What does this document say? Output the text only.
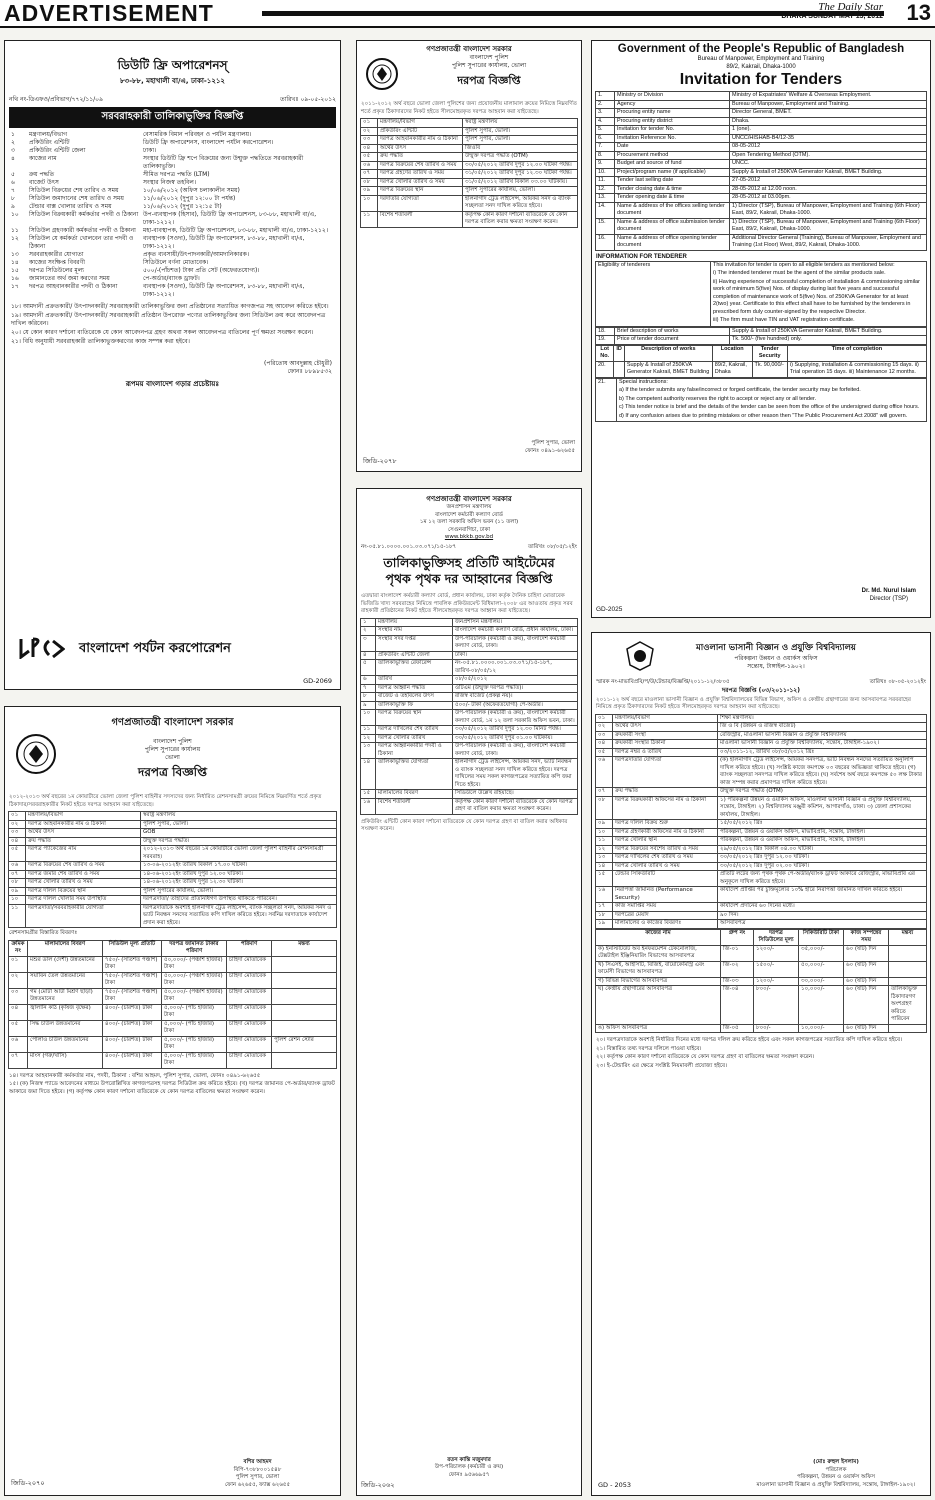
ADVERTISEMENT	The Daily Star
DHAKA SUNDAY MAY 13, 2012 13
ডিউটি ফ্রি অপারেশনস্
৮৩-৮৮, মহাখালী বা/এ, ঢাকা-১২১২
নথি নং-ডিএফও/প্রবিভাগ/৭৭২/১১/০৯	তারিখঃ ০৯-০৫-২০১২
সরবরাহকারী তালিকাভুক্তির বিজ্ঞপ্তি
১	মন্ত্রণালয়/বিভাগ	বেসামরিক বিমান পরিবহন ও পর্যটন মন্ত্রণালয়।
২	প্রকিউরিং এন্টিটি	ডিউটি ফ্রি অপারেশনস, বাংলাদেশ পর্যটন করপোরেশন।
৩	প্রকিউরিং এন্টিটি জেলা	ঢাকা।
৪	কাজের নাম	সংস্থার ডিউটি ফ্রি শপে বিক্রয়ের জন্য উন্মুক্ত পদ্ধতিতে সরবরাহকারী তালিকাভুক্তি।
৫	ক্রয় পদ্ধতি	সীমিত দরপত্র পদ্ধতি (LTM)
৬	বাজেট উৎস	সংস্থার নিজস্ব তহবিল।
৭	সিডিউল বিক্রয়ের শেষ তারিখ ও সময়	১০/০৬/২০১২ (অফিস চলাকালীন সময়)
৮	সিডিউল জমাদানের শেষ তারিখ ও সময়	১১/০৬/২০১২ (দুপুর ১২:০০ টা পর্যন্ত)
৯	টেন্ডার বাক্স খোলার তারিখ ও সময়	১১/০৬/২০১২ (দুপুর ১২:১৫ টা)
১০	সিডিউল বিক্রয়কারী কর্মকর্তার পদবী ও ঠিকানা	উপ-ব্যবস্থাপক (হিসাব), ডিউটি ফ্রি অপারেশনস, ৮৩-৮৮, মহাখালী বা/এ, ঢাকা-১২১২।
১১	সিডিউল গ্রহণকারী কর্মকর্তার পদবী ও ঠিকানা	মহা-ব্যবস্থাপক, ডিউটি ফ্রি অপারেশনস, ৮৩-৮৮, মহাখালী বা/এ, ঢাকা-১২১২।
১২	সিডিউল যে কর্মকর্তা খোলবেন তার পদবী ও ঠিকানা	ব্যবস্থাপক (সওদা), ডিউটি ফ্রি অপারেশনস, ৮৩-৮৮, মহাখালী বা/এ, ঢাকা-১২১২।
১৩	সরবরাহকারীর যোগ্যতা	প্রকৃত ব্যবসায়ী/উৎপাদনকারী/আমদানিকারক।
১৪	কাজের সংক্ষিপ্ত বিবরণী	সিডিউলে বর্ণনা মোতাবেক।
১৫	দরপত্র সিডিউলের মূল্য	৫০০/-(পাঁচশত) টাকা প্রতি সেট (অফেরতযোগ্য)।
১৬	জামানতের অর্থ জমা করণের সময়	পে-অর্ডার/ব্যাংক ড্রাফট।
১৭	দরপত্র আহবানকারীর পদবী ও ঠিকানা	ব্যবস্থাপক (সওদা), ডিউটি ফ্রি অপারেশনস, ৮৩-৮৮, মহাখালী বা/এ, ঢাকা-১২১২।
১৮। আমদানী প্রক্রতকারী/ উৎপাদনকারী/ সরবরাহকারী তালিকাভুক্তির জন্য প্রতিষ্ঠানের সত্যায়িত কাগজপত্র সহ আবেদন করিতে হইবে।
১৯। আমদানী প্রক্রতকারী/ উৎপাদনকারী/ সরবরাহকারী প্রতিষ্ঠান উপরোক্ত পণ্যের তালিকাভুক্তির জন্য সিডিউল ক্রয় করে আবেদনপত্র দাখিল করিবেন।
২০। যে কোন কারণ দর্শানো ব্যতিরেকে যে কোন আবেদনপত্র গ্রহণ অথবা সকল আবেদনপত্র বাতিলের পূর্ণ ক্ষমতা সংরক্ষণ করেন।
২১। বিধি অনুযায়ী সরবরাহকারী তালিকাভুক্তকরণের কাজ সম্পন্ন করা হইবে।
(পরিতোষ আবদুল্লাহ চৌধুরী)
ফোনঃ ৮৮৯৮৫৩২
রূপময় বাংলাদেশ গড়ার প্রচেষ্টায়ঃ
বাংলাদেশ পর্যটন করপোরেশন
GD-2069
গণপ্রজাতন্ত্রী বাংলাদেশ সরকার
বাংলাদেশ পুলিশ
পুলিশ সুপারের কার্যালয়, ভোলা
দরপত্র বিজ্ঞপ্তি
২০১১-২০১২ অর্থ বছরে ভোলা জেলা পুলিশের জন্য প্রয়োজনীয় মালামাল ক্রয়ের নিমিত্তে নিম্নবর্ণিত শর্তে প্রকৃত ঠিকাদারদের নিকট হইতে সীলমোহরকৃত দরপত্র আহবান করা যাইতেছে।
০১	মন্ত্রণালয়/বিভাগ	স্বরাষ্ট্র মন্ত্রণালয়
০২	প্রকিউরিং এন্টিটি	পুলিশ সুপার, ভোলা।
০৩	দরপত্র আহবানকারীর নাম ও ঠিকানা	পুলিশ সুপার, ভোলা।
০৪	অর্থের উৎস	জিওবি
০৫	ক্রয় পদ্ধতি	উন্মুক্ত দরপত্র পদ্ধতি (OTM)
০৬	দরপত্র বিক্রয়ের শেষ তারিখ ও সময়	৩০/০৫/২০১২ তারিখ দুপুর ১২.০০ ঘটিকা পর্যন্ত।
০৭	দরপত্র গ্রহণের তারিখ ও সময়	৩১/০৫/২০১২ তারিখ দুপুর ১২.৩০ ঘটিকা পর্যন্ত।
০৮	দরপত্র খোলার তারিখ ও সময়	৩১/০৫/২০১২ তারিখ বিকাল ০৩.০০ ঘটিকায়।
০৯	দরপত্র বিক্রয়ের স্থান	পুলিশ সুপারের কার্যালয়, ভোলা।
১০	দরদাতার যোগ্যতা	হালনাগাদ ট্রেড লাইসেন্স, আয়কর সনদ ও ব্যাংক সচ্ছলতা সনদ দাখিল করিতে হইবে।
১১	বিশেষ শর্তাবলী	কর্তৃপক্ষ কোন কারণ দর্শানো ব্যতিরেকে যে কোন দরপত্র বাতিল করার ক্ষমতা সংরক্ষণ করেন।
পুলিশ সুপার, ভোলা
ফোনঃ ০৪৯১-৬২৬৫৫
জিডি-২০৭৮
Government of the People's Republic of Bangladesh
Bureau of Manpower, Employment and Training
89/2, Kakrail, Dhaka-1000
Invitation for Tenders
1.	Ministry or Division	Ministry of Expatriates' Welfare & Overseas Employment.
2.	Agency	Bureau of Manpower, Employment and Training.
3.	Procuring entity name	Director General, BMET.
4.	Procuring entity district	Dhaka.
5.	Invitation for tender No.	1 (one).
6.	Invitation Reference No.	UNCC/HISHAB-B4/12-35
7.	Date	08-05-2012
8.	Procurement method	Open Tendering Method (OTM).
9.	Budget and source of fund	UNCC.
10.	Project/program name (if applicable)	Supply & Install of 250KVA Generator Kakrail, BMET Building.
11.	Tender last selling date	27-05-2012
12.	Tender closing date & time	28-05-2012 at 12.00 noon.
13.	Tender opening date & time	28-05-2012 at 03.00pm.
14.	Name & address of the offices selling tender document	1) Director (TSP), Bureau of Manpower, Employment and Training (6th Floor) East, 89/2, Kakrail, Dhaka-1000.
15.	Name & address of office submission tender document	1) Director (TSP), Bureau of Manpower, Employment and Training (6th Floor) East, 89/2, Kakrail, Dhaka-1000.
16.	Name & address of office opening tender document	Additional Director General (Training), Bureau of Manpower, Employment and Training (1st Floor) West, 89/2, Kakrail, Dhaka-1000.
INFORMATION FOR TENDERER
Eligibility of tenderers	This invitation for tender is open to all eligible tenders as mentioned below:
i) The intended tenderer must be the agent of the similar products sale.
ii) Having experience of successful completion of installation & commissioning similar work of minimum 5(five) Nos. of display during last five years and successful completion of maintenance work of 5(five) Nos. of 250KVA Generator for at least 2(two) year. Certificate to this effect shall have to be furnished by the tenderers in prescribed form duly counter-signed by the respective Director.
iii) The firm must have TIN and VAT registration certificate.
18.	Brief description of works	Supply & Install of 250KVA Generator Kakrail, BMET Building.
19.	Price of tender document	Tk. 500/- (five hundred) only.
Lot No.	ID	Description of works	Location	Tender Security	Time of completion
20.		Supply & Install of 250KVA Generator Kakrail, BMET Building	89/2, Kakrail, Dhaka	Tk. 90,000/-	i) Supplying, installation & commissioning 15 days. ii) Trial operation 15 days. iii) Maintenance 12 months.
21.	Special instructions:
a) If the tender submits any false/incorrect or forged certificate, the tender security may be forfeited.
b) The competent authority reserves the right to accept or reject any or all tender.
c) This tender notice is brief and the details of the tender can be seen from the office of the undersigned during office hours.
d) If any confusion arises due to printing mistakes or other reason then "The Public Procurement Act 2008" will govern.
Dr. Md. Nurul Islam
Director (TSP)
GD-2025
গণপ্রজাতন্ত্রী বাংলাদেশ সরকার
জনপ্রশাসন মন্ত্রণালয়
বাংলাদেশ কর্মচারী কল্যাণ বোর্ড
১ম ১২ তলা সরকারি অফিস ভবন (১১ তলা)
সেগুনবাগিচা, ঢাকা
www.bkkb.gov.bd
নং-০৫.৮১.০০০০.০০১.০৩.০৭১/১৫-১৮৭	তারিখঃ ০৮/০৫/১২ইং
তালিকাভুক্তিসহ প্রতিটি আইটেমের
পৃথক পৃথক দর আহ্বানের বিজ্ঞপ্তি
এতদ্বারা বাংলাদেশ কর্মচারী কল্যাণ বোর্ড, প্রধান কার্যালয়, ঢাকা কর্তৃক দৈনিক চাহিদা মোতাবেক ভিজিডি খাদ্য সরবরাহের নিমিত্তে পাবলিক প্রকিউরমেন্ট বিধিমালা-২০০৮ এর আওতায় প্রকৃত সরবরাহকারী প্রতিষ্ঠানের নিকট হইতে সীলমোহরকৃত দরপত্র আহ্বান করা যাইতেছে।
১	মন্ত্রণালয়	জনপ্রশাসন মন্ত্রণালয়।
২	সংস্থার নাম	বাংলাদেশ কর্মচারী কল্যাণ বোর্ড, প্রধান কার্যালয়, ঢাকা।
৩	সংস্থার সদর দপ্তর	উপ-পরিচালক (কর্মচারী ও ক্রয়), বাংলাদেশ কর্মচারী কল্যাণ বোর্ড, ঢাকা।
৪	প্রকিউরিং এন্টিটি জেলা	ঢাকা।
৫	তালিকাভুক্তির রেফারেন্স	নং-০৫.৮১.০০০০.০০১.০৩.০৭১/১৫-১৮৭, তারিখ-০৮/০৫/১২
৬	তারিখ	০৮/০৫/২০১২
৭	দরপত্র আহ্বান পদ্ধতি	ওটিএম (উন্মুক্ত দরপত্র পদ্ধতি)।
৮	বাজেট ও তহবিলের উৎস	রাজস্ব বাজেট (প্রকল্প নয়)।
৯	তালিকাভুক্তি ফি	৫০০/- টাকা (অফেরতযোগ্য) পে-অর্ডার।
১০	দরপত্র বিক্রয়ের স্থান	উপ-পরিচালক (কর্মচারী ও ক্রয়), বাংলাদেশ কর্মচারী কল্যাণ বোর্ড, ১ম ১২ তলা সরকারি অফিস ভবন, ঢাকা।
১১	দরপত্র দাখিলের শেষ তারিখ	৩০/০৫/২০১২ তারিখ দুপুর ১২.৩০ মিনিট পর্যন্ত।
১২	দরপত্র খোলার তারিখ	৩০/০৫/২০১২ তারিখ দুপুর ০১.০০ ঘটিকায়।
১৩	দরপত্র আহ্বানকারীর পদবী ও ঠিকানা	উপ-পরিচালক (কর্মচারী ও ক্রয়), বাংলাদেশ কর্মচারী কল্যাণ বোর্ড, ঢাকা।
১৪	তালিকাভুক্তির যোগ্যতা	হালনাগাদ ট্রেড লাইসেন্স, আয়কর সনদ, ভ্যাট নিবন্ধন ও ব্যাংক সচ্ছলতা সনদ দাখিল করিতে হইবে। দরপত্র দাখিলের সময় সকল কাগজপত্রের সত্যায়িত কপি জমা দিতে হইবে।
১৫	মালামালের বিবরণ	সিডিউলে উল্লেখ রহিয়াছে।
১৬	বিশেষ শর্তাবলী	কর্তৃপক্ষ কোন কারণ দর্শানো ব্যতিরেকে যে কোন দরপত্র গ্রহণ বা বাতিল করার ক্ষমতা সংরক্ষণ করেন।
প্রকিউরিং এন্টিটি কোন কারণ দর্শানো ব্যতিরেকে যে কোন দরপত্র গ্রহণ বা বাতিল করার অধিকার সংরক্ষণ করেন।
রতন কান্তি মজুমদার
উপ-পরিচালক (কর্মচারী ও ক্রয়)
ফোনঃ ৯৫৬৬৯৫৭
জিডি-২০৬২
গণপ্রজাতন্ত্রী বাংলাদেশ সরকার
বাংলাদেশ পুলিশ
পুলিশ সুপারের কার্যালয়
ভোলা
দরপত্র বিজ্ঞপ্তি
২০১২-২০১৩ অর্থ বছরের ১ম কোয়ার্টারে ভোলা জেলা পুলিশ বাহিনীর সদস্যদের জন্য নির্ধারিত রেশনসামগ্রী ক্রয়ের নিমিত্তে নিম্নবর্ণিত শর্তে প্রকৃত ঠিকাদার/সরবরাহকারীর নিকট হইতে দরপত্র আহবান করা যাইতেছে।
০১	মন্ত্রণালয়/বিভাগ	স্বরাষ্ট্র মন্ত্রণালয়
০২	দরপত্র আহবানকারীর নাম ও ঠিকানা	পুলিশ সুপার, ভোলা।
০৩	অর্থের উৎস	GOB
০৪	ক্রয় পদ্ধতি	উন্মুক্ত দরপত্র পদ্ধতি।
০৫	দরপত্র প্যাকেজের নাম	২০১২-২০১৩ অর্থ বছরের ১ম কোয়ার্টারে ভোলা জেলা পুলিশ বাহিনীর রেশনসামগ্রী সরবরাহ।
০৬	দরপত্র বিক্রয়ের শেষ তারিখ ও সময়	১৩-০৬-২০১২ইং তারিখ বিকাল ১৭.০০ ঘটিকা।
০৭	দরপত্র জমার শেষ তারিখ ও সময়	১৪-০৬-২০১২ইং তারিখ দুপুর ১২.০০ ঘটিকা।
০৮	দরপত্র খোলার তারিখ ও সময়	১৪-০৬-২০১২ইং তারিখ দুপুর ১২.৩০ ঘটিকা।
০৯	দরপত্র দলিল বিক্রয়ের স্থান	পুলিশ সুপারের কার্যালয়, ভোলা।
১০	দরপত্র দলিল খোলার সময় উপস্থিতি	দরপত্রদাতা/ তাহাদের প্রতিনিধিগণ উপস্থিত থাকিতে পারিবেন।
১১	দরপত্রদাতা/সরবরাহকারীর যোগ্যতা	দরপত্রদাতাকে অবশ্যই হালনাগাদ ট্রেড লাইসেন্স, ব্যাংক সচ্ছলতা সনদ, আয়কর সনদ ও ভ্যাট নিবন্ধন সনদের সত্যায়িত কপি দাখিল করিতে হইবে। সর্বনিম্ন দরদাতাকে কার্যাদেশ প্রদান করা হইবে।
রেশনসামগ্রীর বিস্তারিত বিবরণঃ
ক্রমিক নং	মালামালের বিবরণ	সিডিউল মূল্য প্রতিটি	দরপত্র জামানত টাকার পরিমাণ	পরিমাণ	মন্তব্য
০১	মশুর ডাল (দেশী) উন্নতমানের	৭৫০/- (সাতশত পঞ্চাশ) টাকা	৫০,০০০/- (পঞ্চাশ হাজার) টাকা	চাহিদা মোতাবেক	
০২	সয়াবিন তৈল উন্নতমানের	৭৫০/- (সাতশত পঞ্চাশ) টাকা	৫০,০০০/- (পঞ্চাশ হাজার) টাকা	চাহিদা মোতাবেক	
০৩	গম (মোটা আটা মিশ্রণ ছাড়া) উন্নতমানের	৭৫০/- (সাতশত পঞ্চাশ) টাকা	৫০,০০০/- (পঞ্চাশ হাজার) টাকা	চাহিদা মোতাবেক	
০৪	জ্বালানি কাঠ (কৃষিজ বৃক্ষের)	৪০০/- (চারশত) টাকা	৫,০০০/- (পাঁচ হাজার) টাকা	চাহিদা মোতাবেক	
০৫	সিদ্ধ চাউল উন্নতমানের	৪০০/- (চারশত) টাকা	৫,০০০/- (পাঁচ হাজার) টাকা	চাহিদা মোতাবেক	
০৬	পোলাও চাউল উন্নতমানের	৪০০/- (চারশত) টাকা	৫,০০০/- (পাঁচ হাজার) টাকা	চাহিদা মোতাবেক	পুলিশ রেশন স্টোর
০৭	মাংস (গরু/খাসি)	৪০০/- (চারশত) টাকা	৫,০০০/- (পাঁচ হাজার) টাকা	চাহিদা মোতাবেক	
১৪। দরপত্র আহবানকারী কর্মকর্তার নাম, পদবী, ঠিকানা : বশির আহমদ, পুলিশ সুপার, ভোলা, ফোনঃ ০৪৯১-৬২৬৫৫
১৫। (ক) নিজস্ব প্যাডে আবেদনের মাধ্যমে উপরোল্লিখিত কাগজপত্রসহ দরপত্র সিডিউল ক্রয় করিতে হইবে। (খ) দরপত্র জামানত পে-অর্ডার/ব্যাংক ড্রাফট আকারে জমা দিতে হইবে। (গ) কর্তৃপক্ষ কোন কারণ দর্শানো ব্যতিরেকে যে কোন দরপত্র বাতিলের ক্ষমতা সংরক্ষণ করেন।
বশির আহমদ
বিপি-৭৩৮৮০০১৫৪৮
পুলিশ সুপার, ভোলা
ফোন ৬২৬৫৫, ফ্যাক্স ৬২৬৫৫
জিডি-২০৭০
মাওলানা ভাসানী বিজ্ঞান ও প্রযুক্তি বিশ্ববিদ্যালয়
পরিকল্পনা উন্নয়ন ও ওয়ার্কস অফিস
সন্তোষ, টাঙ্গাইল-১৯০২।
স্মারক নং-মাভাবিপ্রবি/প/উ/টেন্ডার/বিজ্ঞপ্তি/২০১১-১২/৩৮০৫	তারিখঃ ০৮-০৫-২০১২ইং
দরপত্র বিজ্ঞপ্তি (০৩/২০১১-১২)
২০১১-১২ অর্থ বছরে মাওলানা ভাসানী বিজ্ঞান ও প্রযুক্তি বিশ্ববিদ্যালয়ের বিভিন্ন বিভাগ, অফিস ও কেন্দ্রীয় গ্রন্থাগারের জন্য আসবাবপত্র সরবরাহের নিমিত্তে প্রকৃত ঠিকাদারদের নিকট হইতে সীলমোহরকৃত দরপত্র আহবান করা যাইতেছে।
০১	মন্ত্রণালয়/বিভাগ	শিক্ষা মন্ত্রণালয়।
০২	অর্থের উৎস	জি ও বি (উন্নয়ন ও রাজস্ব বাজেট)
০৩	ক্রয়কারী সংস্থা	রেজিস্ট্রার, মাওলানা ভাসানী বিজ্ঞান ও প্রযুক্তি বিশ্ববিদ্যালয়
০৪	ক্রয়কারী সংস্থার ঠিকানা	মাওলানা ভাসানী বিজ্ঞান ও প্রযুক্তি বিশ্ববিদ্যালয়, সন্তোষ, টাঙ্গাইল-১৯০২।
০৫	দরপত্র নম্বর ও তারিখ	০৩/২০১১-১২, তারিখ ০৮/০৫/২০১২ খ্রিঃ
০৬	দরপত্রদাতার যোগ্যতা	(ক) হালনাগাদ ট্রেড লাইসেন্স, আয়কর সনদপত্র, ভ্যাট নিবন্ধন সনদের সত্যায়িত অনুলিপি দাখিল করিতে হইবে। (খ) সংশ্লিষ্ট কাজে কমপক্ষে ০৩ বছরের অভিজ্ঞতা থাকিতে হইবে। (গ) ব্যাংক সচ্ছলতা সনদপত্র দাখিল করিতে হইবে। (ঘ) সর্বশেষ অর্থ বছরে কমপক্ষে ৫০ লক্ষ টাকার কাজ সম্পন্ন করার প্রমাণপত্র দাখিল করিতে হইবে।
০৭	ক্রয় পদ্ধতি	উন্মুক্ত দরপত্র পদ্ধতি (OTM)
০৮	দরপত্র বিক্রয়কারী অফিসের নাম ও ঠিকানা	১) পরিকল্পনা উন্নয়ন ও ওয়ার্কস অফিস, মাওলানা ভাসানী বিজ্ঞান ও প্রযুক্তি বিশ্ববিদ্যালয়, সন্তোষ, টাঙ্গাইল। ২) বিশ্ববিদ্যালয় মঞ্জুরী কমিশন, আগারগাঁও, ঢাকা। ৩) জেলা প্রশাসকের কার্যালয়, টাঙ্গাইল।
০৯	দরপত্র দলিল বিক্রয় শুরু	১৫/০৫/২০১২ খ্রিঃ
১০	দরপত্র গ্রহণকারী অফিসের নাম ও ঠিকানা	পরিকল্পনা, উন্নয়ন ও ওয়ার্কস অফিস, মাভাবিপ্রবি, সন্তোষ, টাঙ্গাইল।
১১	দরপত্র খোলার স্থান	পরিকল্পনা, উন্নয়ন ও ওয়ার্কস অফিস, মাভাবিপ্রবি, সন্তোষ, টাঙ্গাইল।
১২	দরপত্র বিক্রয়ের সর্বশেষ তারিখ ও সময়	২৯/০৫/২০১২ খ্রিঃ বিকাল ০৪.০০ ঘটিকা।
১৩	দরপত্র দাখিলের শেষ তারিখ ও সময়	৩০/০৫/২০১২ খ্রিঃ দুপুর ১২.০০ ঘটিকা।
১৪	দরপত্র খোলার তারিখ ও সময়	৩০/০৫/২০১২ খ্রিঃ দুপুর ০২.০০ ঘটিকা।
১৫	টেন্ডার সিকিউরিটি	প্রতিটি লটের জন্য পৃথক পৃথক পে-অর্ডার/ব্যাংক ড্রাফট আকারে রেজিস্ট্রার, মাভাবিপ্রবি এর অনুকূলে দাখিল করিতে হইবে।
১৬	নিরাপত্তা জামানত (Performance Security)	কার্যাদেশ প্রাপ্তির পর চুক্তিমূল্যের ১০% হারে নিরাপত্তা জামানত দাখিল করিতে হইবে।
১৭	কাজ সমাপ্তির সময়	কার্যাদেশ প্রদানের ৬০ দিনের মধ্যে।
১৮	দরপত্রের মেয়াদ	৯০ দিন।
১৯	মালামালের ও কাজের বিবরণঃ	আসবাবপত্র
কাজের নাম	গ্রুপ নং	দরপত্র সিডিউলের মূল্য	সিকিউরিটি টাকা	কাজ সম্পন্নের সময়	মন্তব্য
ক) ইনস্টিটিউট অব ইনফরমেশন টেকনোলজি, টেক্সটাইল ইঞ্জিনিয়ারিং বিভাগের আসবাবপত্র	জি-০১	১২০০/-	৩৫,০০০/-	৬০ (ষাট) দিন	
খ) সিএসই, আইসিটি, বিজিই, বায়োকেমিস্ট্রি এবং ফার্মেসী বিভাগের আসবাবপত্র	জি-০২	১৫০০/-	৫০,০০০/-	৬০ (ষাট) দিন	
গ) বিভিন্ন বিভাগের আসবাবপত্র	জি-০৩	১২০০/-	৩০,০০০/-	৬০ (ষাট) দিন	
ঘ) কেন্দ্রীয় গ্রন্থাগারের আসবাবপত্র	জি-০৪	৮০০/-	১০,০০০/-	৬০ (ষাট) দিন	তালিকাভুক্ত ঠিকাদারগণ অংশগ্রহণ করিতে পারিবেন
ঙ) অফিস আসবাবপত্র	জি-০৫	৮০০/-	১০,০০০/-	৬০ (ষাট) দিন	
২০। দরপত্রদাতাকে অবশ্যই নির্ধারিত দিনের মধ্যে দরপত্র দলিল ক্রয় করিতে হইবে এবং সকল কাগজপত্রের সত্যায়িত কপি দাখিল করিতে হইবে।
২১। বিস্তারিত তথ্য দরপত্র দলিলে পাওয়া যাইবে।
২২। কর্তৃপক্ষ কোন কারণ দর্শানো ব্যতিরেকে যে কোন দরপত্র গ্রহণ বা বাতিলের ক্ষমতা সংরক্ষণ করেন।
২৩। ই-টেন্ডারিং এর ক্ষেত্রে সংশ্লিষ্ট নিয়মাবলী প্রযোজ্য হইবে।
(মোঃ রুহুল ইসলাম)
পরিচালক
পরিকল্পনা, উন্নয়ন ও ওয়ার্কস অফিস
মাওলানা ভাসানী বিজ্ঞান ও প্রযুক্তি বিশ্ববিদ্যালয়, সন্তোষ, টাঙ্গাইল-১৯০২।
GD - 2053
